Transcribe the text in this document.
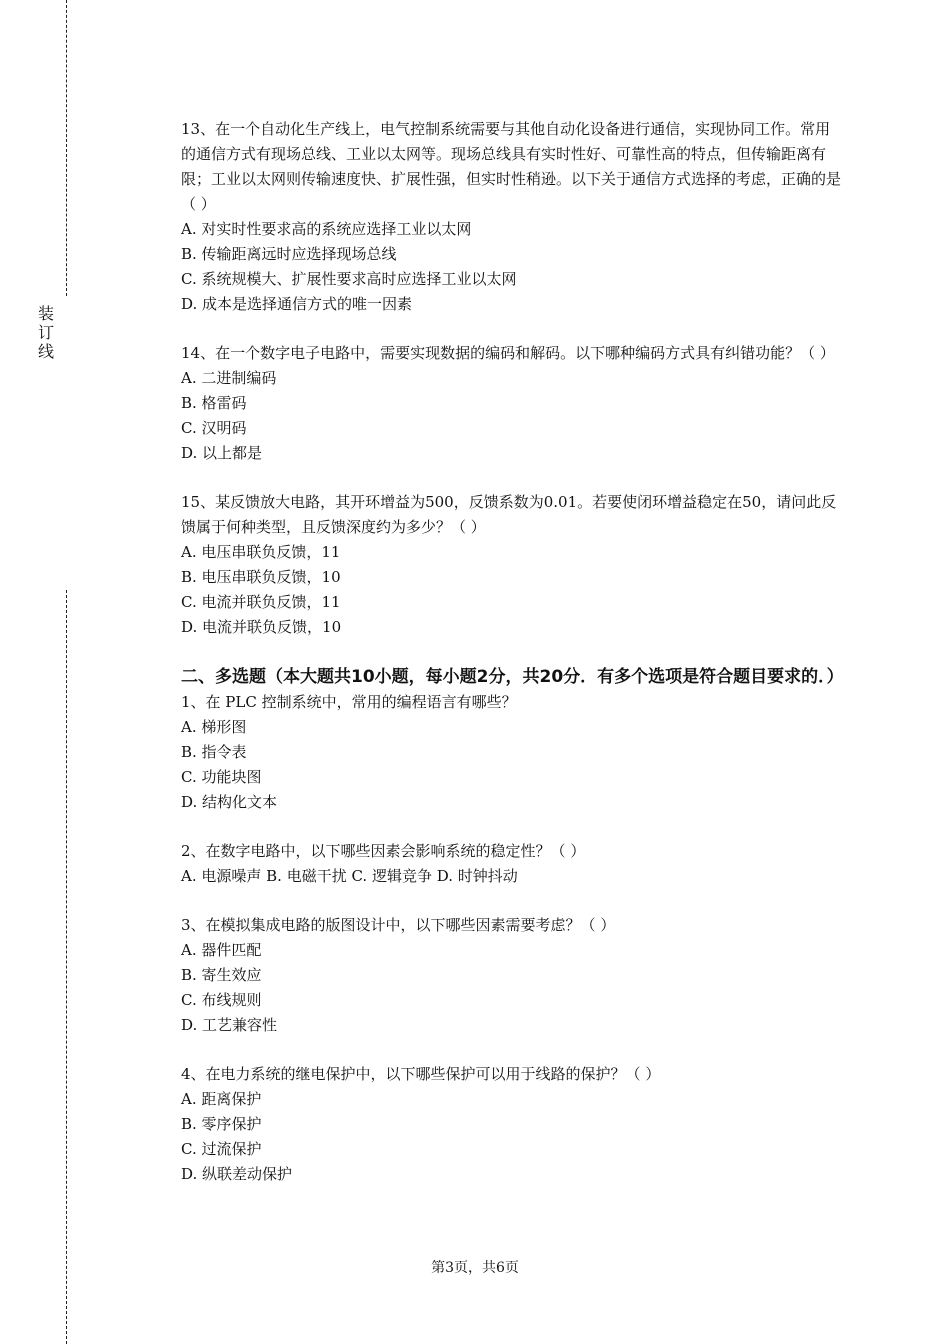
装
订
线

13、在一个自动化生产线上，电气控制系统需要与其他自动化设备进行通信，实现协同工作。常用的通信方式有现场总线、工业以太网等。现场总线具有实时性好、可靠性高的特点，但传输距离有限；工业以太网则传输速度快、扩展性强，但实时性稍逊。以下关于通信方式选择的考虑，正确的是（ ）

A. 对实时性要求高的系统应选择工业以太网

B. 传输距离远时应选择现场总线

C. 系统规模大、扩展性要求高时应选择工业以太网

D. 成本是选择通信方式的唯一因素

14、在一个数字电子电路中，需要实现数据的编码和解码。以下哪种编码方式具有纠错功能？（ ）

A. 二进制编码

B. 格雷码

C. 汉明码

D. 以上都是

15、某反馈放大电路，其开环增益为500，反馈系数为0.01。若要使闭环增益稳定在50，请问此反馈属于何种类型，且反馈深度约为多少？（ ）

A. 电压串联负反馈，11

B. 电压串联负反馈，10

C. 电流并联负反馈，11

D. 电流并联负反馈，10

二、多选题（本大题共10小题，每小题2分，共20分．有多个选项是符合题目要求的．）

1、在 PLC 控制系统中，常用的编程语言有哪些？

A. 梯形图

B. 指令表

C. 功能块图

D. 结构化文本

2、在数字电路中，以下哪些因素会影响系统的稳定性？（ ）

A. 电源噪声 B. 电磁干扰 C. 逻辑竞争 D. 时钟抖动

3、在模拟集成电路的版图设计中，以下哪些因素需要考虑？（ ）

A. 器件匹配

B. 寄生效应

C. 布线规则

D. 工艺兼容性

4、在电力系统的继电保护中，以下哪些保护可以用于线路的保护？（ ）

A. 距离保护

B. 零序保护

C. 过流保护

D. 纵联差动保护

第3页，共6页
